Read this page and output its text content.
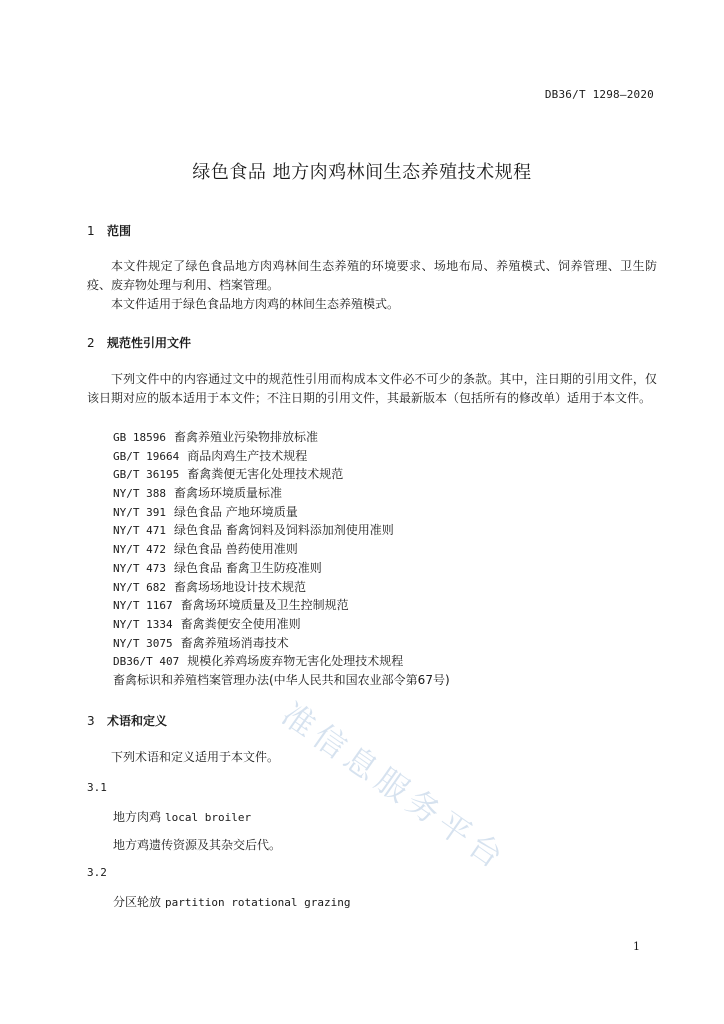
准信息服务平台
DB36/T 1298—2020
绿色食品 地方肉鸡林间生态养殖技术规程
1 范围
本文件规定了绿色食品地方肉鸡林间生态养殖的环境要求、场地布局、养殖模式、饲养管理、卫生防疫、废弃物处理与利用、档案管理。
本文件适用于绿色食品地方肉鸡的林间生态养殖模式。
2 规范性引用文件
下列文件中的内容通过文中的规范性引用而构成本文件必不可少的条款。其中，注日期的引用文件，仅该日期对应的版本适用于本文件；不注日期的引用文件，其最新版本（包括所有的修改单）适用于本文件。
GB 18596 畜禽养殖业污染物排放标准
GB/T 19664 商品肉鸡生产技术规程
GB/T 36195 畜禽粪便无害化处理技术规范
NY/T 388 畜禽场环境质量标准
NY/T 391 绿色食品 产地环境质量
NY/T 471 绿色食品 畜禽饲料及饲料添加剂使用准则
NY/T 472 绿色食品 兽药使用准则
NY/T 473 绿色食品 畜禽卫生防疫准则
NY/T 682 畜禽场场地设计技术规范
NY/T 1167 畜禽场环境质量及卫生控制规范
NY/T 1334 畜禽粪便安全使用准则
NY/T 3075 畜禽养殖场消毒技术
DB36/T 407 规模化养鸡场废弃物无害化处理技术规程
畜禽标识和养殖档案管理办法(中华人民共和国农业部令第67号)
3 术语和定义
下列术语和定义适用于本文件。
3.1
地方肉鸡 local broiler
地方鸡遗传资源及其杂交后代。
3.2
分区轮放 partition rotational grazing
1
